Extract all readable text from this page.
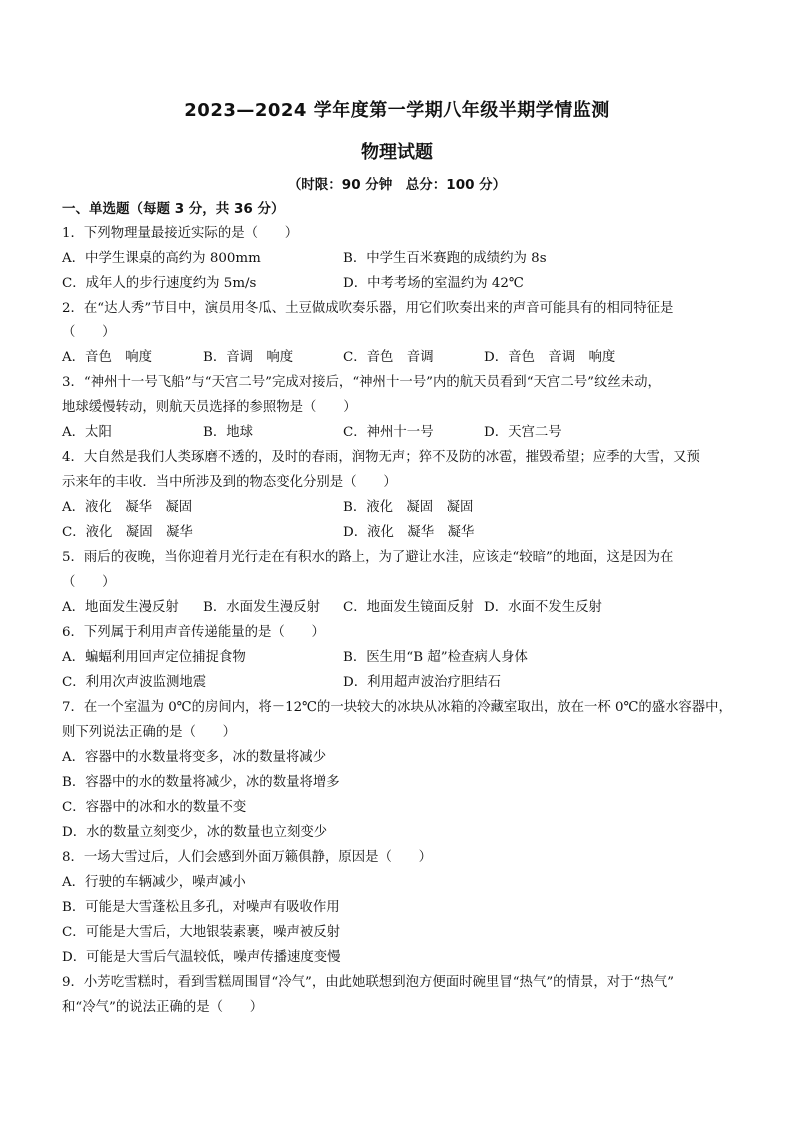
2023—2024 学年度第一学期八年级半期学情监测
物理试题
（时限：90 分钟　总分：100 分）
一、单选题（每题 3 分，共 36 分）
1．下列物理量最接近实际的是（　　）
A．中学生课桌的高约为 800mm	B．中学生百米赛跑的成绩约为 8s
C．成年人的步行速度约为 5m/s	D．中考考场的室温约为 42℃
2．在“达人秀”节目中，演员用冬瓜、土豆做成吹奏乐器，用它们吹奏出来的声音可能具有的相同特征是
（　　）
A．音色　响度	B．音调　响度	C．音色　音调	D．音色　音调　响度
3．“神州十一号飞船”与“天宫二号”完成对接后，“神州十一号”内的航天员看到“天宫二号”纹丝未动，
地球缓慢转动，则航天员选择的参照物是（　　）
A．太阳	B．地球	C．神州十一号	D．天宫二号
4．大自然是我们人类琢磨不透的，及时的春雨，润物无声；猝不及防的冰雹，摧毁希望；应季的大雪，又预
示来年的丰收．当中所涉及到的物态变化分别是（　　）
A．液化　凝华　凝固	B．液化　凝固　凝固
C．液化　凝固　凝华	D．液化　凝华　凝华
5．雨后的夜晚，当你迎着月光行走在有积水的路上，为了避让水洼，应该走“较暗”的地面，这是因为在
（　　）
A．地面发生漫反射 B．水面发生漫反射 C．地面发生镜面反射 D．水面不发生反射
6．下列属于利用声音传递能量的是（　　）
A．蝙蝠利用回声定位捕捉食物	B．医生用“B 超”检查病人身体
C．利用次声波监测地震	D．利用超声波治疗胆结石
7．在一个室温为 0℃的房间内，将－12℃的一块较大的冰块从冰箱的冷藏室取出，放在一杯 0℃的盛水容器中，
则下列说法正确的是（　　）
A．容器中的水数量将变多，冰的数量将减少
B．容器中的水的数量将减少，冰的数量将增多
C．容器中的冰和水的数量不变
D．水的数量立刻变少，冰的数量也立刻变少
8．一场大雪过后，人们会感到外面万籁俱静，原因是（　　）
A．行驶的车辆减少，噪声减小
B．可能是大雪蓬松且多孔，对噪声有吸收作用
C．可能是大雪后，大地银装素裹，噪声被反射
D．可能是大雪后气温较低，噪声传播速度变慢
9．小芳吃雪糕时，看到雪糕周围冒“冷气”，由此她联想到泡方便面时碗里冒“热气”的情景，对于“热气”
和“冷气”的说法正确的是（　　）
